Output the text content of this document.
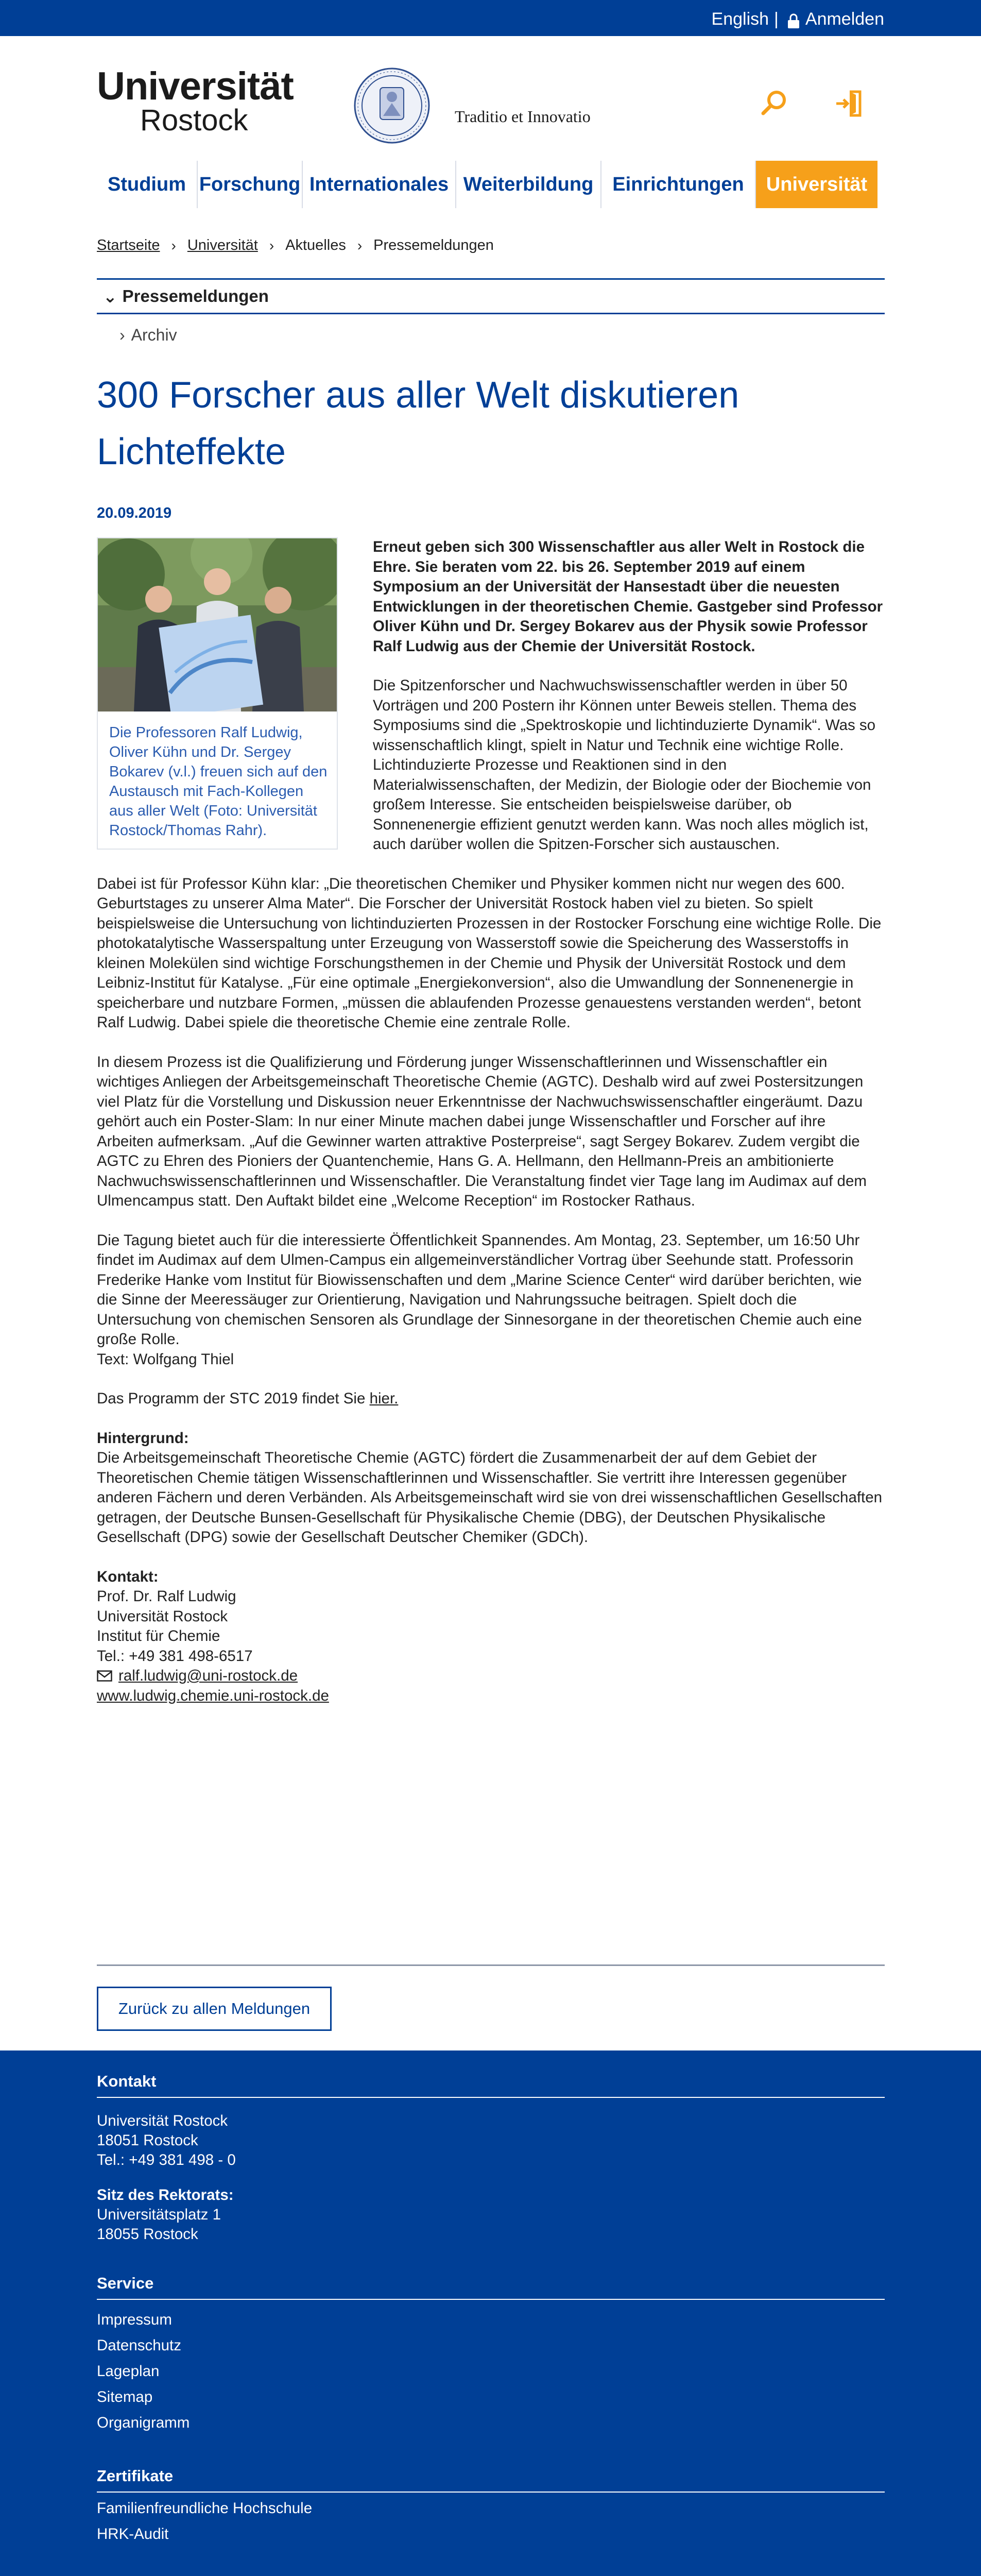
English | Anmelden
Universität
Rostock	Traditio et Innovatio
Studium Forschung Internationales Weiterbildung Einrichtungen	Universität
Startseite › Universität › Aktuelles › Pressemeldungen
⌄ Pressemeldungen
› Archiv
300 Forscher aus aller Welt diskutieren Lichteffekte
20.09.2019
Die Professoren Ralf Ludwig, Oliver Kühn und Dr. Sergey Bokarev (v.l.) freuen sich auf den Austausch mit Fach-Kollegen aus aller Welt (Foto: Universität Rostock/Thomas Rahr).

Erneut geben sich 300 Wissenschaftler aus aller Welt in Rostock die Ehre. Sie beraten vom 22. bis 26. September 2019 auf einem Symposium an der Universität der Hansestadt über die neuesten Entwicklungen in der theoretischen Chemie. Gastgeber sind Professor Oliver Kühn und Dr. Sergey Bokarev aus der Physik sowie Professor Ralf Ludwig aus der Chemie der Universität Rostock.

Die Spitzenforscher und Nachwuchswissenschaftler werden in über 50 Vorträgen und 200 Postern ihr Können unter Beweis stellen. Thema des Symposiums sind die „Spektroskopie und lichtinduzierte Dynamik“. Was so wissenschaftlich klingt, spielt in Natur und Technik eine wichtige Rolle. Lichtinduzierte Prozesse und Reaktionen sind in den Materialwissenschaften, der Medizin, der Biologie oder der Biochemie von großem Interesse. Sie entscheiden beispielsweise darüber, ob Sonnenenergie effizient genutzt werden kann. Was noch alles möglich ist, auch darüber wollen die Spitzen-Forscher sich austauschen.

Dabei ist für Professor Kühn klar: „Die theoretischen Chemiker und Physiker kommen nicht nur wegen des 600. Geburtstages zu unserer Alma Mater“. Die Forscher der Universität Rostock haben viel zu bieten. So spielt beispielsweise die Untersuchung von lichtinduzierten Prozessen in der Rostocker Forschung eine wichtige Rolle. Die photokatalytische Wasserspaltung unter Erzeugung von Wasserstoff sowie die Speicherung des Wasserstoffs in kleinen Molekülen sind wichtige Forschungsthemen in der Chemie und Physik der Universität Rostock und dem Leibniz-Institut für Katalyse. „Für eine optimale „Energiekonversion“, also die Umwandlung der Sonnenenergie in speicherbare und nutzbare Formen, „müssen die ablaufenden Prozesse genauestens verstanden werden“, betont Ralf Ludwig. Dabei spiele die theoretische Chemie eine zentrale Rolle.

In diesem Prozess ist die Qualifizierung und Förderung junger Wissenschaftlerinnen und Wissenschaftler ein wichtiges Anliegen der Arbeitsgemeinschaft Theoretische Chemie (AGTC). Deshalb wird auf zwei Postersitzungen viel Platz für die Vorstellung und Diskussion neuer Erkenntnisse der Nachwuchswissenschaftler eingeräumt. Dazu gehört auch ein Poster-Slam: In nur einer Minute machen dabei junge Wissenschaftler und Forscher auf ihre Arbeiten aufmerksam. „Auf die Gewinner warten attraktive Posterpreise“, sagt Sergey Bokarev. Zudem vergibt die AGTC zu Ehren des Pioniers der Quantenchemie, Hans G. A. Hellmann, den Hellmann-Preis an ambitionierte Nachwuchswissenschaftlerinnen und Wissenschaftler. Die Veranstaltung findet vier Tage lang im Audimax auf dem Ulmencampus statt. Den Auftakt bildet eine „Welcome Reception“ im Rostocker Rathaus.

Die Tagung bietet auch für die interessierte Öffentlichkeit Spannendes. Am Montag, 23. September, um 16:50 Uhr findet im Audimax auf dem Ulmen-Campus ein allgemeinverständlicher Vortrag über Seehunde statt. Professorin Frederike Hanke vom Institut für Biowissenschaften und dem „Marine Science Center“ wird darüber berichten, wie die Sinne der Meeressäuger zur Orientierung, Navigation und Nahrungssuche beitragen. Spielt doch die Untersuchung von chemischen Sensoren als Grundlage der Sinnesorgane in der theoretischen Chemie auch eine große Rolle.

Text: Wolfgang Thiel

Das Programm der STC 2019 findet Sie hier.

Hintergrund:

Die Arbeitsgemeinschaft Theoretische Chemie (AGTC) fördert die Zusammenarbeit der auf dem Gebiet der Theoretischen Chemie tätigen Wissenschaftlerinnen und Wissenschaftler. Sie vertritt ihre Interessen gegenüber anderen Fächern und deren Verbänden. Als Arbeitsgemeinschaft wird sie von drei wissenschaftlichen Gesellschaften getragen, der Deutsche Bunsen-Gesellschaft für Physikalische Chemie (DBG), der Deutschen Physikalische Gesellschaft (DPG) sowie der Gesellschaft Deutscher Chemiker (GDCh).

Kontakt:

Prof. Dr. Ralf Ludwig

Universität Rostock

Institut für Chemie

Tel.: +49 381 498-6517

ralf.ludwig@uni-rostock.de

www.ludwig.chemie.uni-rostock.de

Zurück zu allen Meldungen
Kontakt
Universität Rostock
18051 Rostock
Tel.: +49 381 498 - 0
Sitz des Rektorats:
Universitätsplatz 1
18055 Rostock
Service
Impressum
Datenschutz
Lageplan
Sitemap
Organigramm
Zertifikate
Familienfreundliche Hochschule
HRK-Audit
